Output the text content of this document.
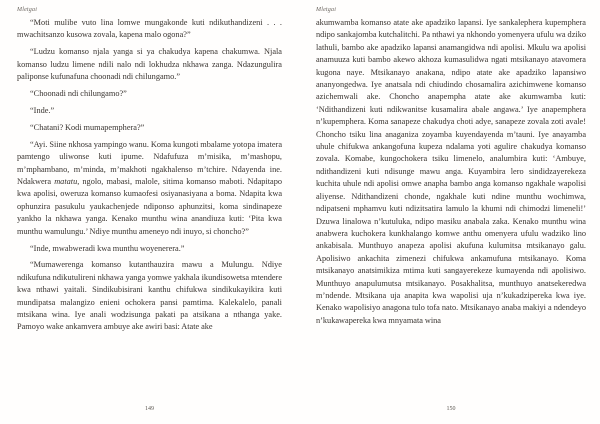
Mletgai

“Moti mulibe vuto lina lomwe mungakonde kuti ndikuthandizeni . . . mwachitsanzo kusowa zovala, kapena malo ogona?”

“Ludzu komanso njala yanga si ya chakudya kapena chakumwa. Njala komanso ludzu limene ndili nalo ndi lokhudza nkhawa zanga. Ndazungulira paliponse kufunafuna choonadi ndi chilungamo.”

“Choonadi ndi chilungamo?”

“Inde.”

“Chatani? Kodi mumapemphera?”

“Ayi. Siine nkhosa yampingo wanu. Koma kungoti mbalame yotopa imatera pamtengo uliwonse kuti ipume. Ndafufuza m’misika, m’mashopu, m’mphambano, m’minda, m’makhoti ngakhalenso m’tchire. Ndayenda ine. Ndakwera matatu, ngolo, mabasi, malole, sitima komanso maboti. Ndapitapo kwa apolisi, oweruza komanso kumaofesi osiyanasiyana a boma. Ndapita kwa ophunzira pasukulu yaukachenjede ndiponso aphunzitsi, koma sindinapeze yankho la nkhawa yanga. Kenako munthu wina anandiuza kuti: ‘Pita kwa munthu wamulungu.’ Ndiye munthu ameneyo ndi inuyo, si choncho?”

“Inde, mwabweradi kwa munthu woyenerera.”

“Mumawerenga komanso kutanthauzira mawu a Mulungu. Ndiye ndikufuna ndikutulireni nkhawa yanga yomwe yakhala ikundisowetsa mtendere kwa nthawi yaitali. Sindikubisirani kanthu chifukwa sindikukayikira kuti mundipatsa malangizo enieni ochokera pansi pamtima. Kalekalelo, panali mtsikana wina. Iye anali wodzisunga pakati pa atsikana a nthanga yake. Pamoyo wake ankamvera ambuye ake awiri basi: Atate ake

149
Mletgai

akumwamba komanso atate ake apadziko lapansi. Iye sankalephera kupemphera ndipo sankajomba kutchalitchi. Pa nthawi ya nkhondo yomenyera ufulu wa dziko lathuli, bambo ake apadziko lapansi anamangidwa ndi apolisi. Mkulu wa apolisi anamuuza kuti bambo akewo akhoza kumasulidwa ngati mtsikanayo atavomera kugona naye. Mtsikanayo anakana, ndipo atate ake apadziko lapansiwo ananyongedwa. Iye anatsala ndi chiudindo chosamalira azichimwene komanso azichemwali ake. Choncho anapempha atate ake akumwamba kuti: ‘Ndithandizeni kuti ndikwanitse kusamalira abale angawa.’ Iye anapemphera n’kupemphera. Koma sanapeze chakudya choti adye, sanapeze zovala zoti avale! Choncho tsiku lina anaganiza zoyamba kuyendayenda m’tauni. Iye anayamba uhule chifukwa ankangofuna kupeza ndalama yoti agulire chakudya komanso zovala. Komabe, kungochokera tsiku limenelo, analumbira kuti: ‘Ambuye, ndithandizeni kuti ndisunge mawu anga. Kuyambira lero sindidzayerekeza kuchita uhule ndi apolisi omwe anapha bambo anga komanso ngakhale wapolisi aliyense. Ndithandizeni chonde, ngakhale kuti ndine munthu wochimwa, ndipatseni mphamvu kuti ndizitsatira lamulo la khumi ndi chimodzi limeneli!’ Dzuwa linalowa n’kutuluka, ndipo masiku anabala zaka. Kenako munthu wina anabwera kuchokera kunkhalango komwe anthu omenyera ufulu wadziko lino ankabisala. Munthuyo anapeza apolisi akufuna kulumitsa mtsikanayo galu. Apolisiwo ankachita zimenezi chifukwa ankamufuna mtsikanayo. Koma mtsikanayo anatsimikiza mtima kuti sangayerekeze kumayenda ndi apolisiwo. Munthuyo anapulumutsa mtsikanayo. Posakhalitsa, munthuyo anatsekeredwa m’ndende. Mtsikana uja anapita kwa wapolisi uja n’kukadzipereka kwa iye. Kenako wapolisiyo anagona tulo tofa nato. Mtsikanayo anaba makiyi a ndendeyo n’kukawapereka kwa mnyamata wina

150
